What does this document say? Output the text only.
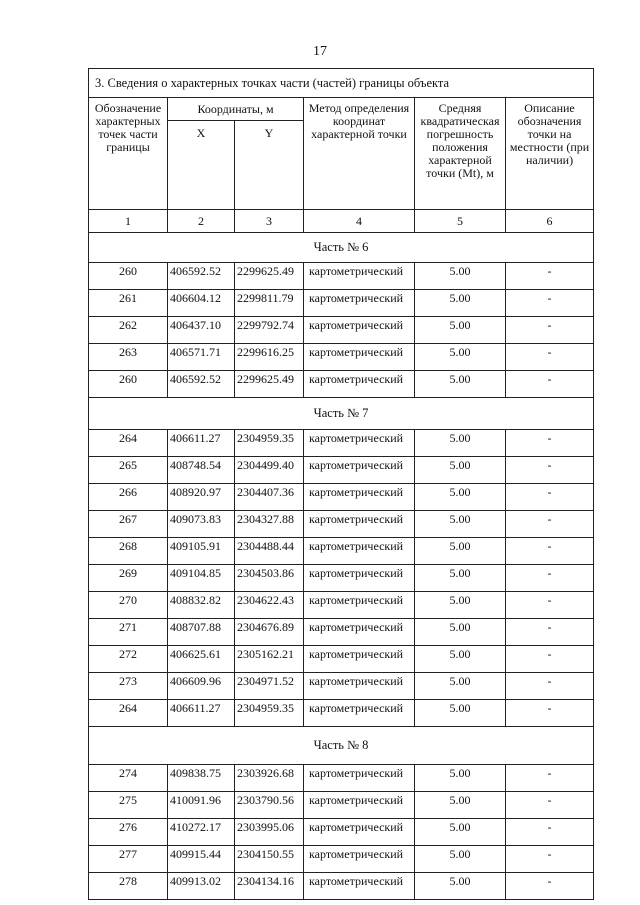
17
3. Сведения о характерных точках части (частей) границы объекта					
Обозначение характерных точек части границы	Координаты, м		Метод определения координат характерной точки	Средняя квадратическая погрешность положения характерной точки (Mt), м	Описание обозначения точки на местности (при наличии)
	X	Y			
1	2	3	4	5	6
Часть № 6					
260	406592.52	2299625.49	картометрический	5.00	-
261	406604.12	2299811.79	картометрический	5.00	-
262	406437.10	2299792.74	картометрический	5.00	-
263	406571.71	2299616.25	картометрический	5.00	-
260	406592.52	2299625.49	картометрический	5.00	-
Часть № 7					
264	406611.27	2304959.35	картометрический	5.00	-
265	408748.54	2304499.40	картометрический	5.00	-
266	408920.97	2304407.36	картометрический	5.00	-
267	409073.83	2304327.88	картометрический	5.00	-
268	409105.91	2304488.44	картометрический	5.00	-
269	409104.85	2304503.86	картометрический	5.00	-
270	408832.82	2304622.43	картометрический	5.00	-
271	408707.88	2304676.89	картометрический	5.00	-
272	406625.61	2305162.21	картометрический	5.00	-
273	406609.96	2304971.52	картометрический	5.00	-
264	406611.27	2304959.35	картометрический	5.00	-
Часть № 8					
274	409838.75	2303926.68	картометрический	5.00	-
275	410091.96	2303790.56	картометрический	5.00	-
276	410272.17	2303995.06	картометрический	5.00	-
277	409915.44	2304150.55	картометрический	5.00	-
278	409913.02	2304134.16	картометрический	5.00	-
